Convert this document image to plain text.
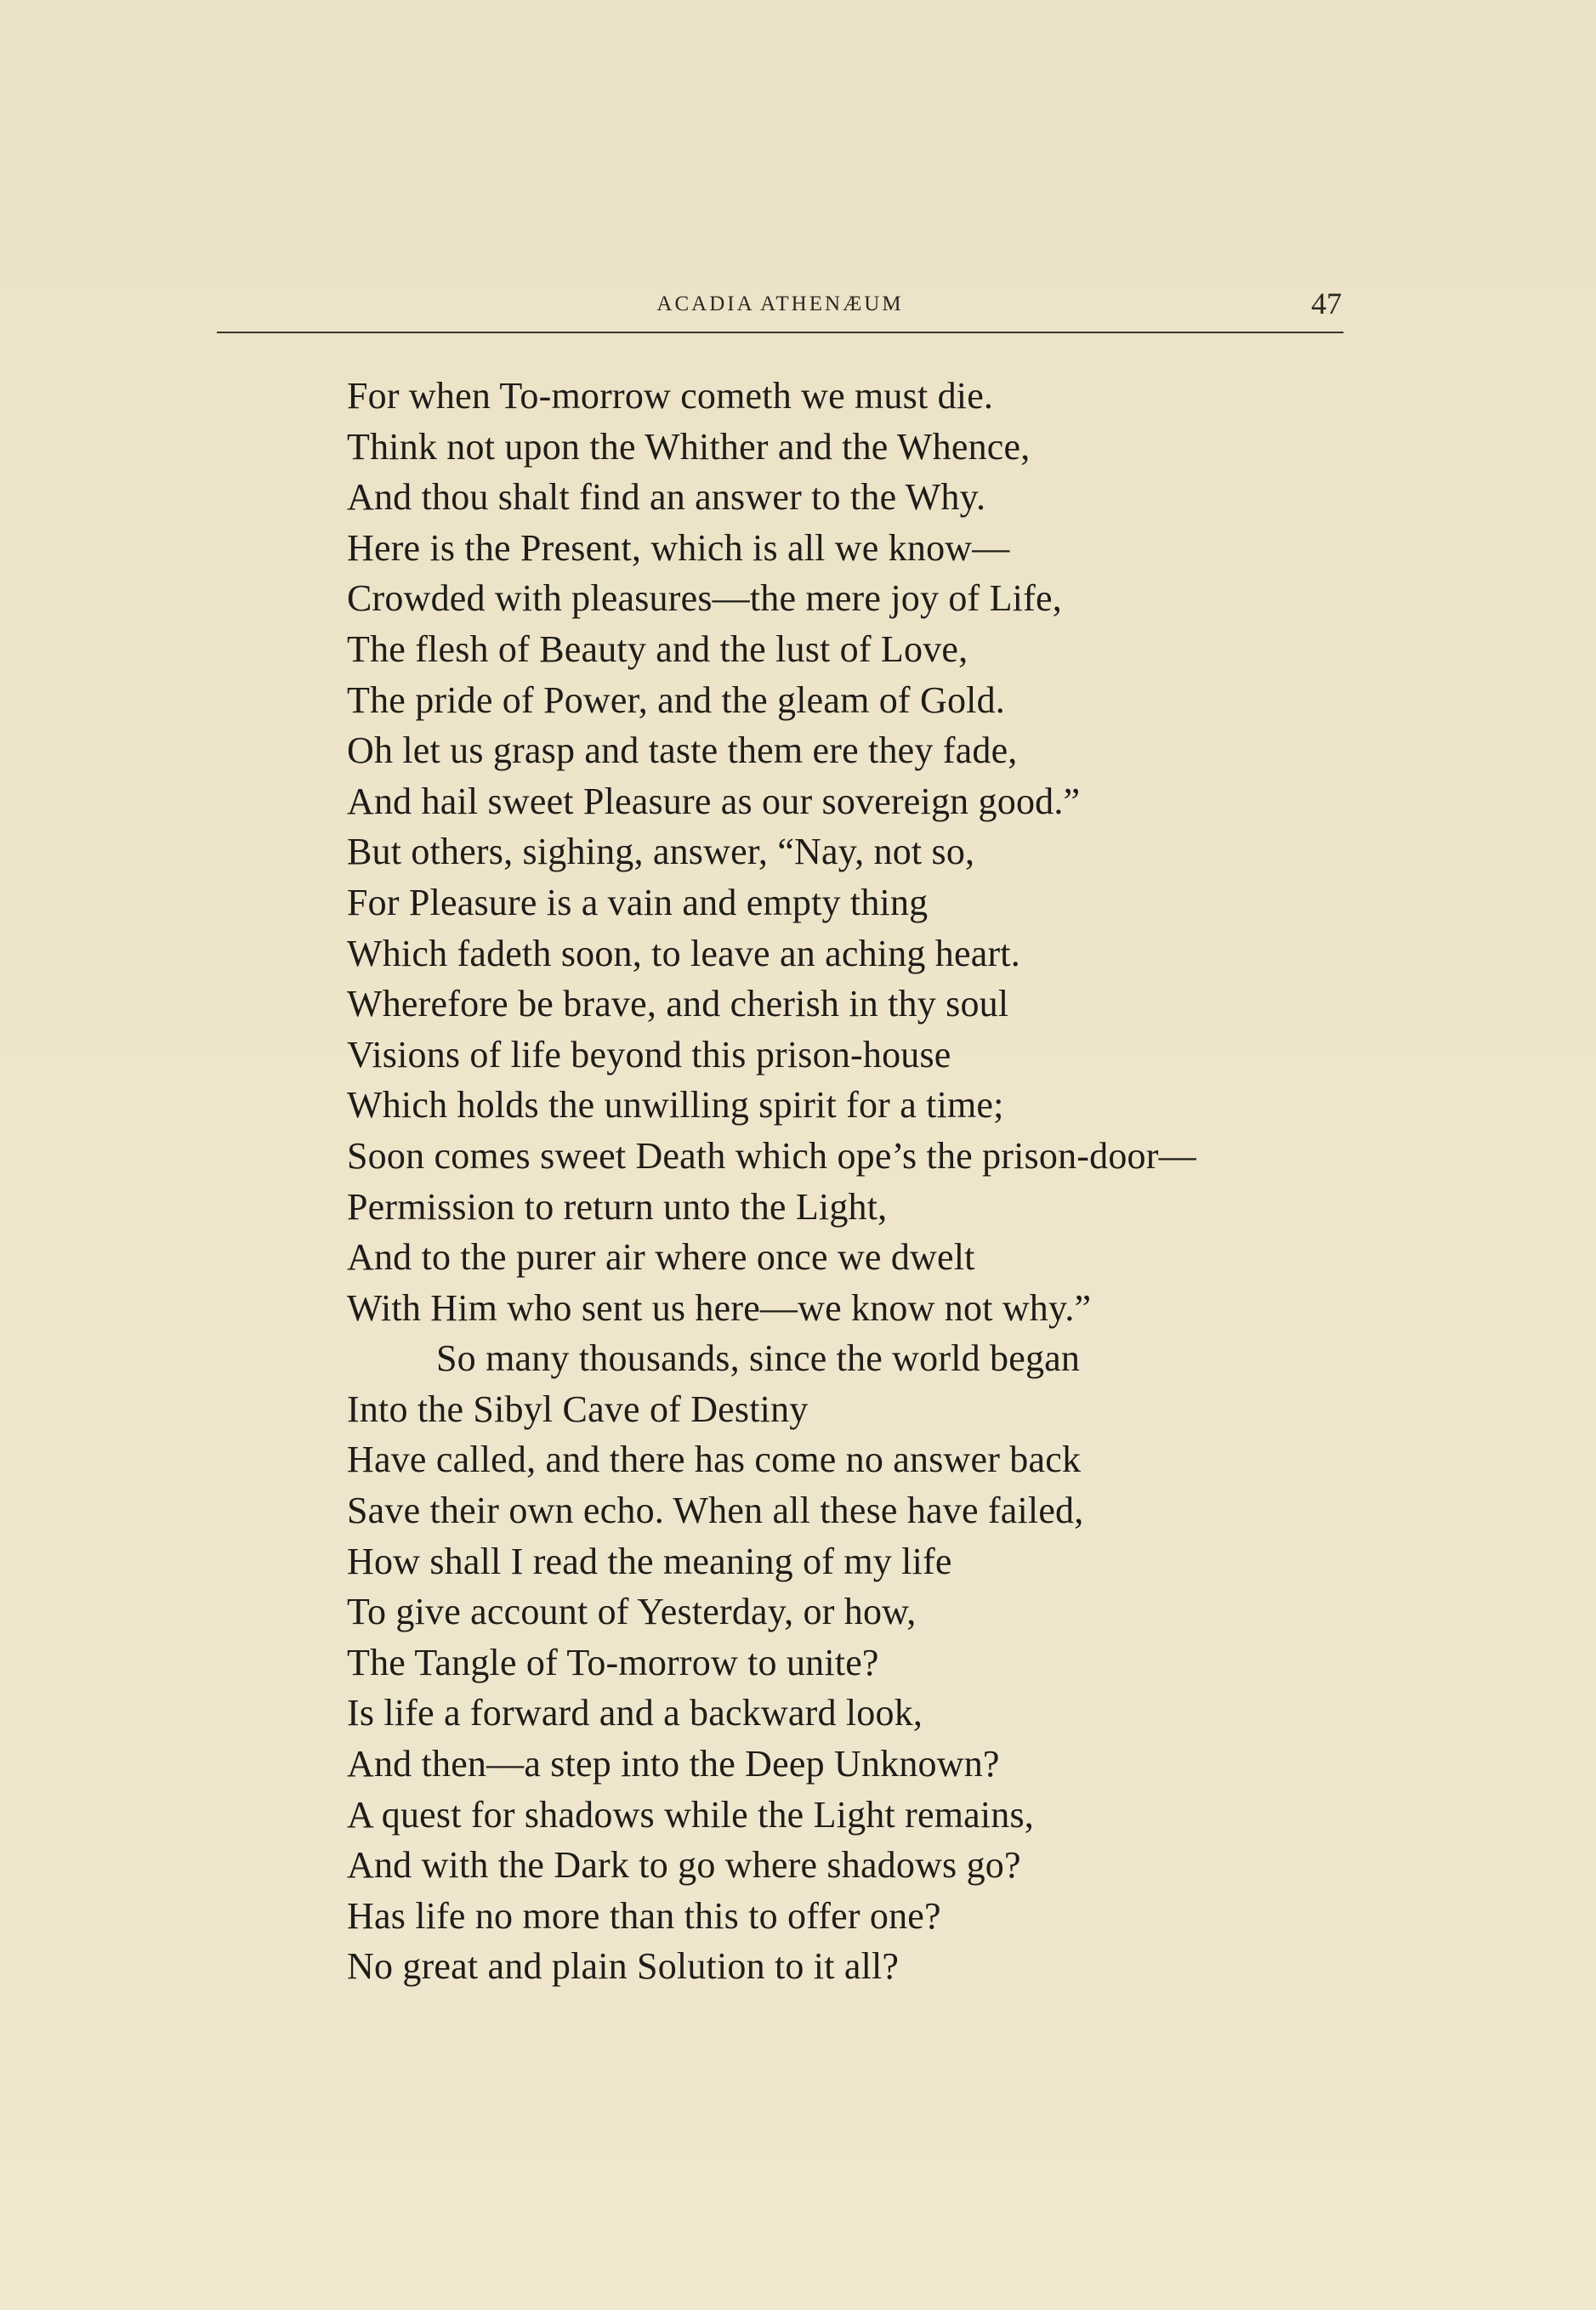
ACADIA ATHENÆUM	47
For when To-morrow cometh we must die.
Think not upon the Whither and the Whence,
And thou shalt find an answer to the Why.
Here is the Present, which is all we know—
Crowded with pleasures—the mere joy of Life,
The flesh of Beauty and the lust of Love,
The pride of Power, and the gleam of Gold.
Oh let us grasp and taste them ere they fade,
And hail sweet Pleasure as our sovereign good.”
But others, sighing, answer, “Nay, not so,
For Pleasure is a vain and empty thing
Which fadeth soon, to leave an aching heart.
Wherefore be brave, and cherish in thy soul
Visions of life beyond this prison-house
Which holds the unwilling spirit for a time;
Soon comes sweet Death which ope’s the prison-door—
Permission to return unto the Light,
And to the purer air where once we dwelt
With Him who sent us here—we know not why.”
So many thousands, since the world began
Into the Sibyl Cave of Destiny
Have called, and there has come no answer back
Save their own echo. When all these have failed,
How shall I read the meaning of my life
To give account of Yesterday, or how,
The Tangle of To-morrow to unite?
Is life a forward and a backward look,
And then—a step into the Deep Unknown?
A quest for shadows while the Light remains,
And with the Dark to go where shadows go?
Has life no more than this to offer one?
No great and plain Solution to it all?
